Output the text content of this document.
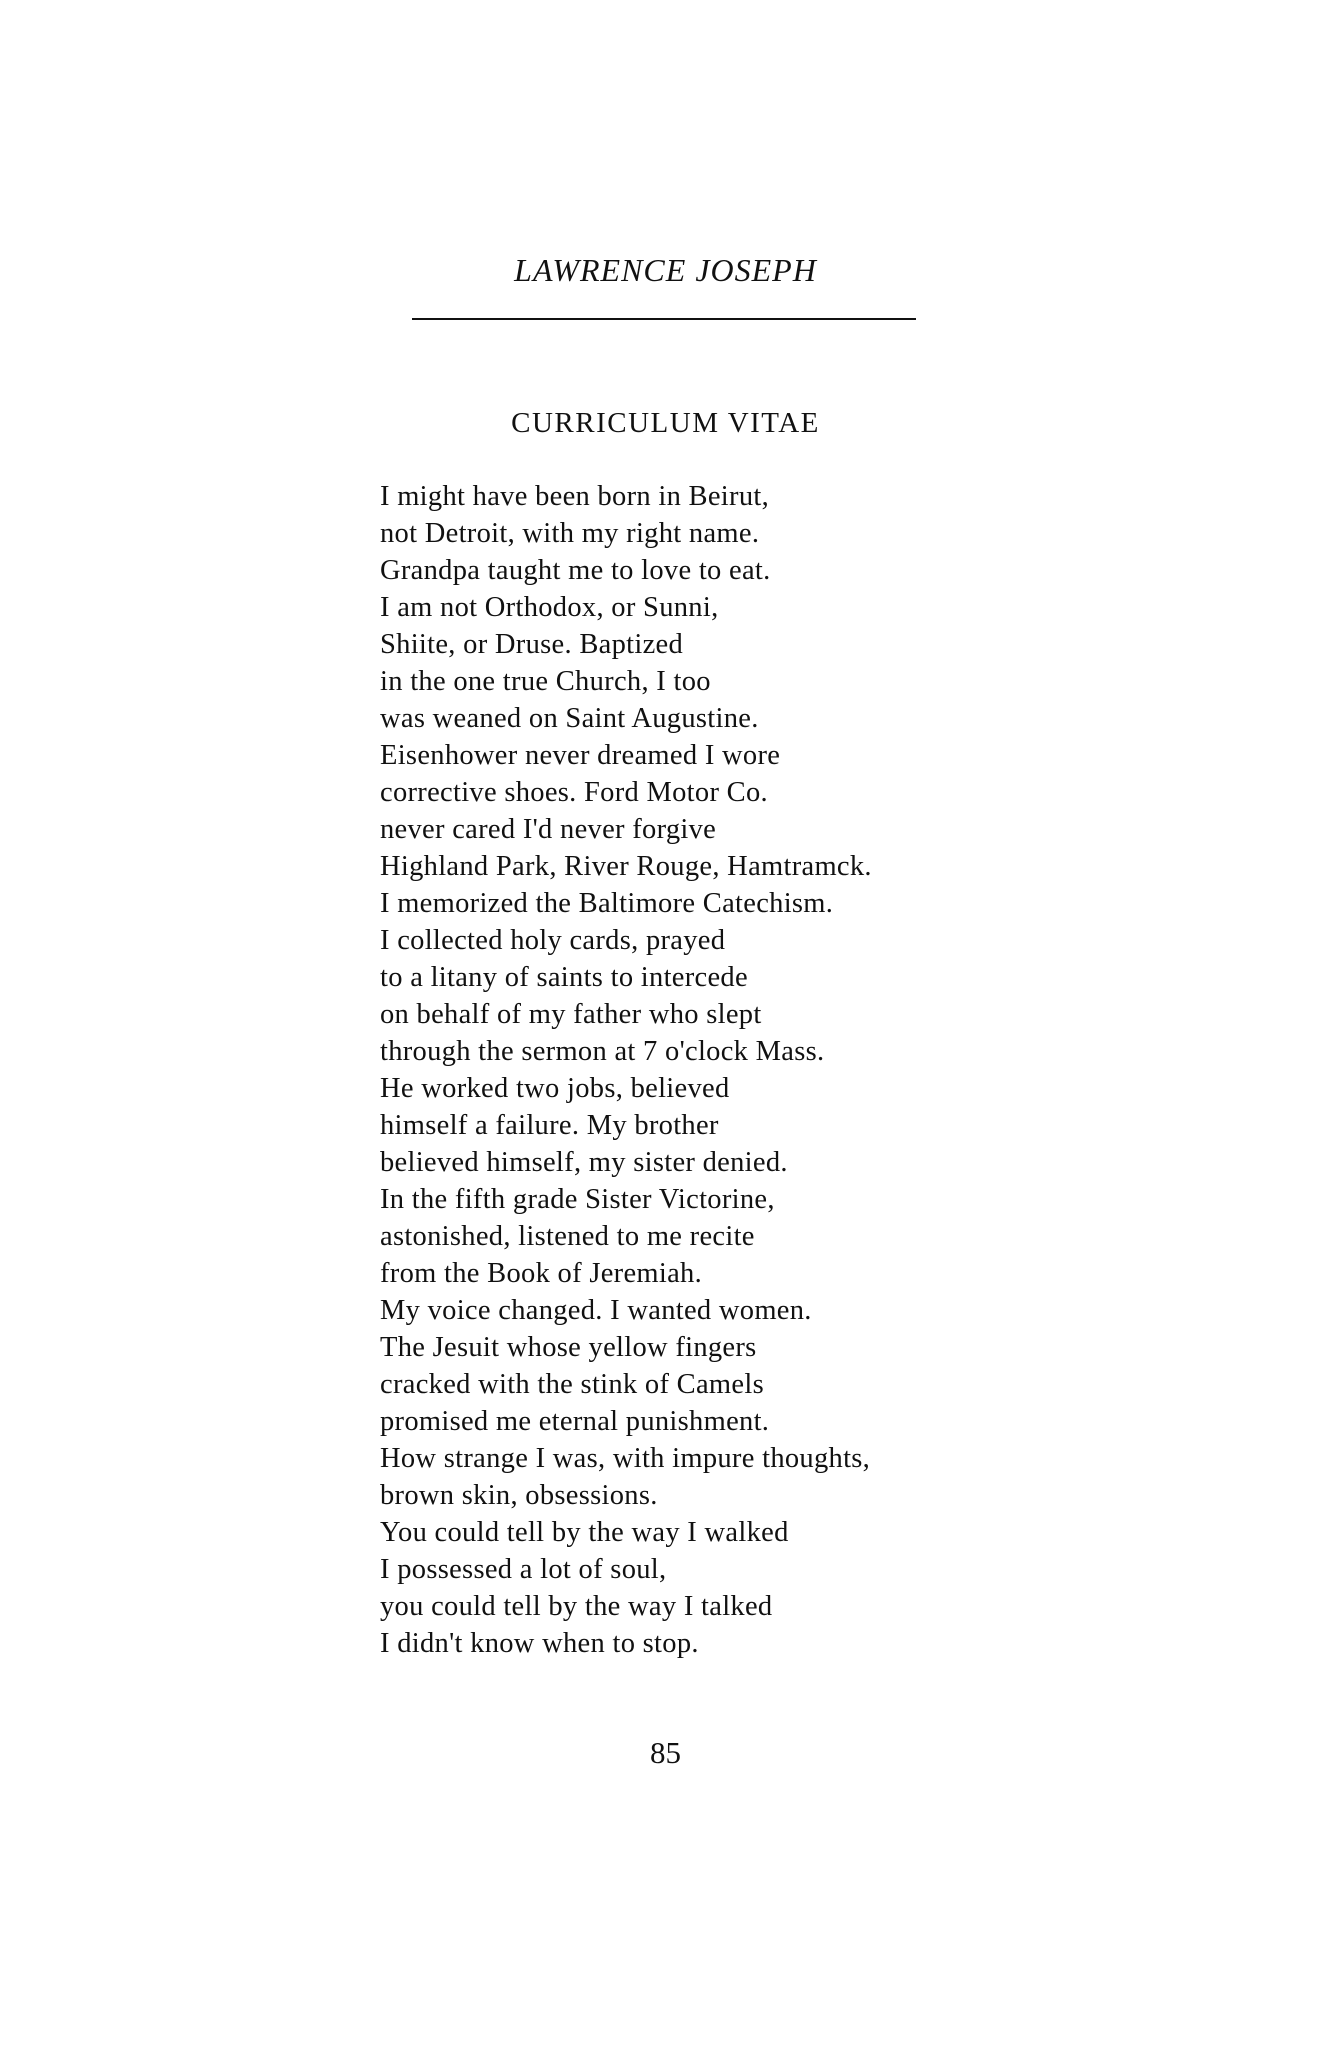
LAWRENCE JOSEPH
CURRICULUM VITAE
I might have been born in Beirut,
not Detroit, with my right name.
Grandpa taught me to love to eat.
I am not Orthodox, or Sunni,
Shiite, or Druse. Baptized
in the one true Church, I too
was weaned on Saint Augustine.
Eisenhower never dreamed I wore
corrective shoes. Ford Motor Co.
never cared I'd never forgive
Highland Park, River Rouge, Hamtramck.
I memorized the Baltimore Catechism.
I collected holy cards, prayed
to a litany of saints to intercede
on behalf of my father who slept
through the sermon at 7 o'clock Mass.
He worked two jobs, believed
himself a failure. My brother
believed himself, my sister denied.
In the fifth grade Sister Victorine,
astonished, listened to me recite
from the Book of Jeremiah.
My voice changed. I wanted women.
The Jesuit whose yellow fingers
cracked with the stink of Camels
promised me eternal punishment.
How strange I was, with impure thoughts,
brown skin, obsessions.
You could tell by the way I walked
I possessed a lot of soul,
you could tell by the way I talked
I didn't know when to stop.
85
